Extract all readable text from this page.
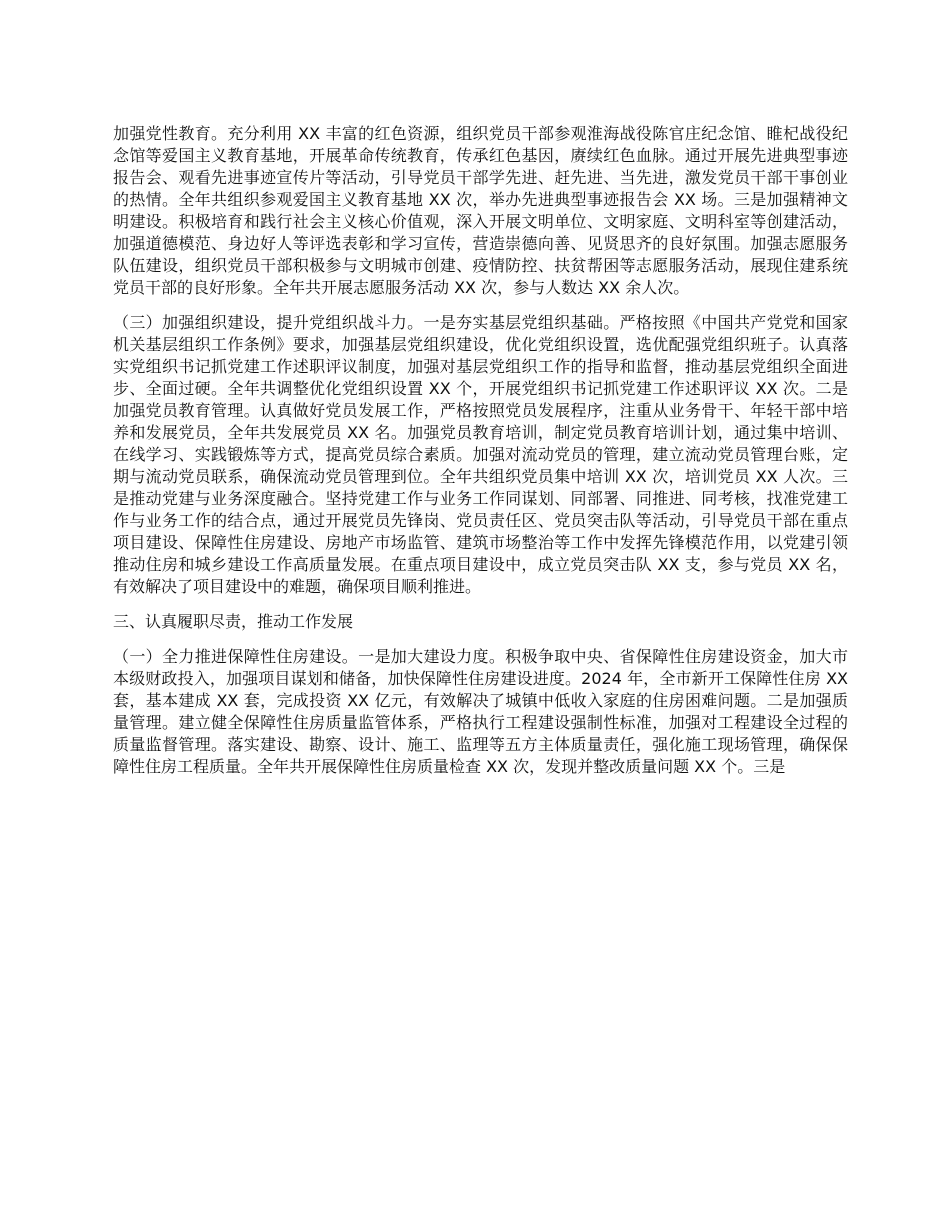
加强党性教育。充分利用 XX 丰富的红色资源，组织党员干部参观淮海战役陈官庄纪念馆、睢杞战役纪念馆等爱国主义教育基地，开展革命传统教育，传承红色基因，赓续红色血脉。通过开展先进典型事迹报告会、观看先进事迹宣传片等活动，引导党员干部学先进、赶先进、当先进，激发党员干部干事创业的热情。全年共组织参观爱国主义教育基地 XX 次，举办先进典型事迹报告会 XX 场。三是加强精神文明建设。积极培育和践行社会主义核心价值观，深入开展文明单位、文明家庭、文明科室等创建活动，加强道德模范、身边好人等评选表彰和学习宣传，营造崇德向善、见贤思齐的良好氛围。加强志愿服务队伍建设，组织党员干部积极参与文明城市创建、疫情防控、扶贫帮困等志愿服务活动，展现住建系统党员干部的良好形象。全年共开展志愿服务活动 XX 次，参与人数达 XX 余人次。

（三）加强组织建设，提升党组织战斗力。一是夯实基层党组织基础。严格按照《中国共产党党和国家机关基层组织工作条例》要求，加强基层党组织建设，优化党组织设置，选优配强党组织班子。认真落实党组织书记抓党建工作述职评议制度，加强对基层党组织工作的指导和监督，推动基层党组织全面进步、全面过硬。全年共调整优化党组织设置 XX 个，开展党组织书记抓党建工作述职评议 XX 次。二是加强党员教育管理。认真做好党员发展工作，严格按照党员发展程序，注重从业务骨干、年轻干部中培养和发展党员，全年共发展党员 XX 名。加强党员教育培训，制定党员教育培训计划，通过集中培训、在线学习、实践锻炼等方式，提高党员综合素质。加强对流动党员的管理，建立流动党员管理台账，定期与流动党员联系，确保流动党员管理到位。全年共组织党员集中培训 XX 次，培训党员 XX 人次。三是推动党建与业务深度融合。坚持党建工作与业务工作同谋划、同部署、同推进、同考核，找准党建工作与业务工作的结合点，通过开展党员先锋岗、党员责任区、党员突击队等活动，引导党员干部在重点项目建设、保障性住房建设、房地产市场监管、建筑市场整治等工作中发挥先锋模范作用，以党建引领推动住房和城乡建设工作高质量发展。在重点项目建设中，成立党员突击队 XX 支，参与党员 XX 名，有效解决了项目建设中的难题，确保项目顺利推进。

三、认真履职尽责，推动工作发展

（一）全力推进保障性住房建设。一是加大建设力度。积极争取中央、省保障性住房建设资金，加大市本级财政投入，加强项目谋划和储备，加快保障性住房建设进度。2024 年，全市新开工保障性住房 XX 套，基本建成 XX 套，完成投资 XX 亿元，有效解决了城镇中低收入家庭的住房困难问题。二是加强质量管理。建立健全保障性住房质量监管体系，严格执行工程建设强制性标准，加强对工程建设全过程的质量监督管理。落实建设、勘察、设计、施工、监理等五方主体质量责任，强化施工现场管理，确保保障性住房工程质量。全年共开展保障性住房质量检查 XX 次，发现并整改质量问题 XX 个。三是
